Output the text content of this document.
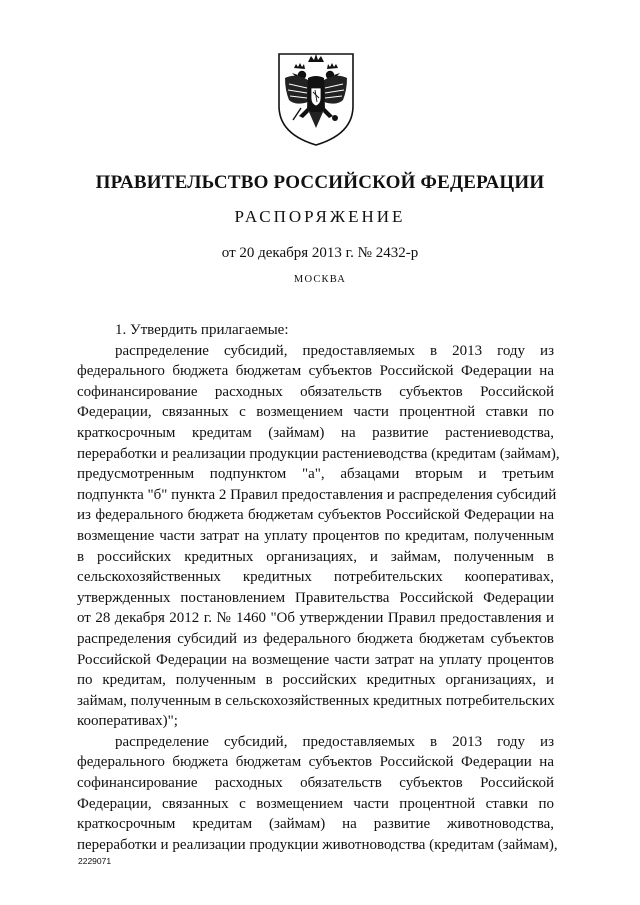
ПРАВИТЕЛЬСТВО РОССИЙСКОЙ ФЕДЕРАЦИИ
РАСПОРЯЖЕНИЕ
от 20 декабря 2013 г. № 2432-р
МОСКВА
1. Утвердить прилагаемые:
распределение субсидий, предоставляемых в 2013 году из
федерального бюджета бюджетам субъектов Российской Федерации на
софинансирование расходных обязательств субъектов Российской
Федерации, связанных с возмещением части процентной ставки по
краткосрочным кредитам (займам) на развитие растениеводства,
переработки и реализации продукции растениеводства (кредитам (займам),
предусмотренным подпунктом "а", абзацами вторым и третьим
подпункта "б" пункта 2 Правил предоставления и распределения субсидий
из федерального бюджета бюджетам субъектов Российской Федерации на
возмещение части затрат на уплату процентов по кредитам, полученным
в российских кредитных организациях, и займам, полученным в
сельскохозяйственных кредитных потребительских кооперативах,
утвержденных постановлением Правительства Российской Федерации
от 28 декабря 2012 г. № 1460 "Об утверждении Правил предоставления и
распределения субсидий из федерального бюджета бюджетам субъектов
Российской Федерации на возмещение части затрат на уплату процентов
по кредитам, полученным в российских кредитных организациях, и
займам, полученным в сельскохозяйственных кредитных потребительских
кооперативах)";
распределение субсидий, предоставляемых в 2013 году из
федерального бюджета бюджетам субъектов Российской Федерации на
софинансирование расходных обязательств субъектов Российской
Федерации, связанных с возмещением части процентной ставки по
краткосрочным кредитам (займам) на развитие животноводства,
переработки и реализации продукции животноводства (кредитам (займам),
2229071
